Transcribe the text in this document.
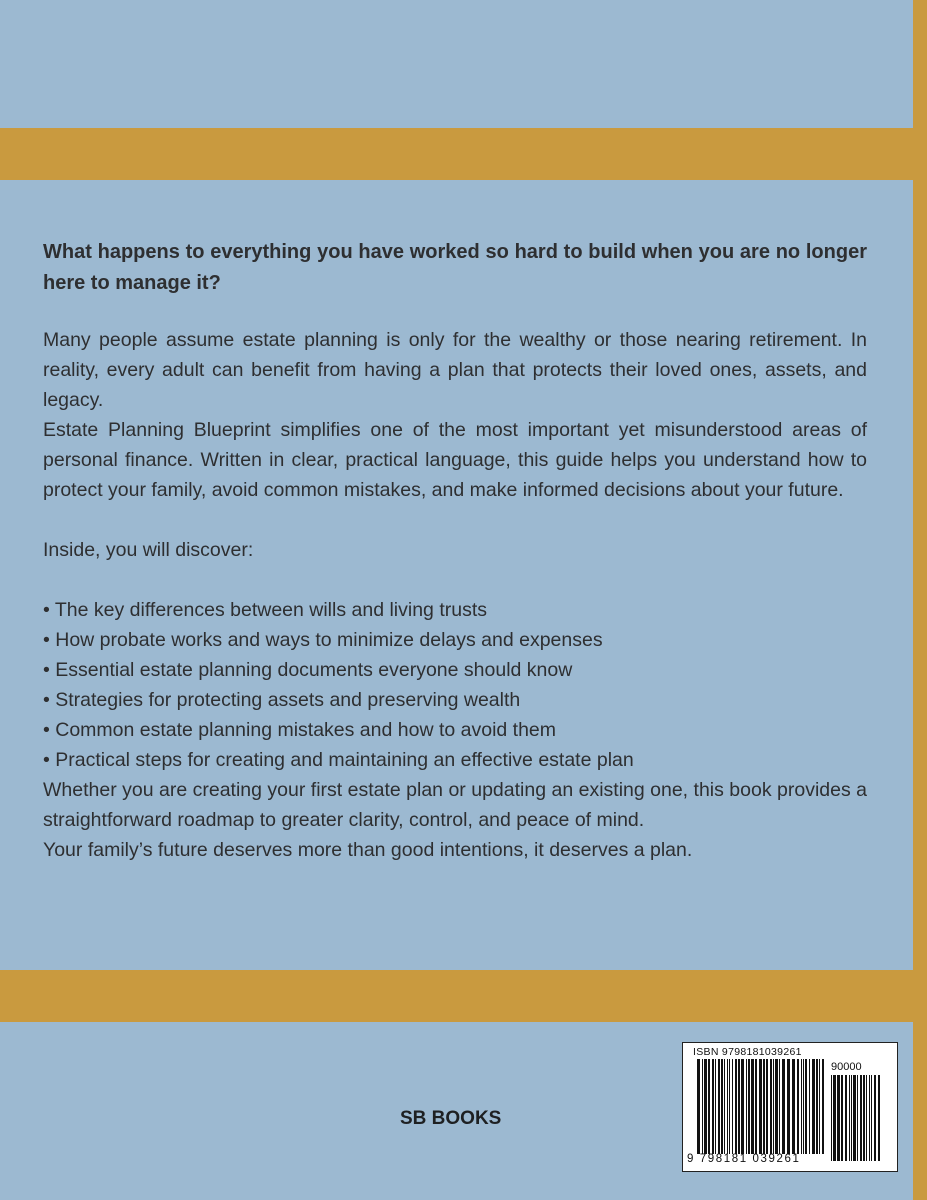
What happens to everything you have worked so hard to build when you are no longer here to manage it?

Many people assume estate planning is only for the wealthy or those nearing retirement. In reality, every adult can benefit from having a plan that protects their loved ones, assets, and legacy.

Estate Planning Blueprint simplifies one of the most important yet misunderstood areas of personal finance. Written in clear, practical language, this guide helps you understand how to protect your family, avoid common mistakes, and make informed decisions about your future.

Inside, you will discover:

• The key differences between wills and living trusts
• How probate works and ways to minimize delays and expenses
• Essential estate planning documents everyone should know
• Strategies for protecting assets and preserving wealth
• Common estate planning mistakes and how to avoid them
• Practical steps for creating and maintaining an effective estate plan

Whether you are creating your first estate plan or updating an existing one, this book provides a straightforward roadmap to greater clarity, control, and peace of mind.

Your family’s future deserves more than good intentions, it deserves a plan.

SB BOOKS
ISBN 9798181039261
90000
9 798181 039261
